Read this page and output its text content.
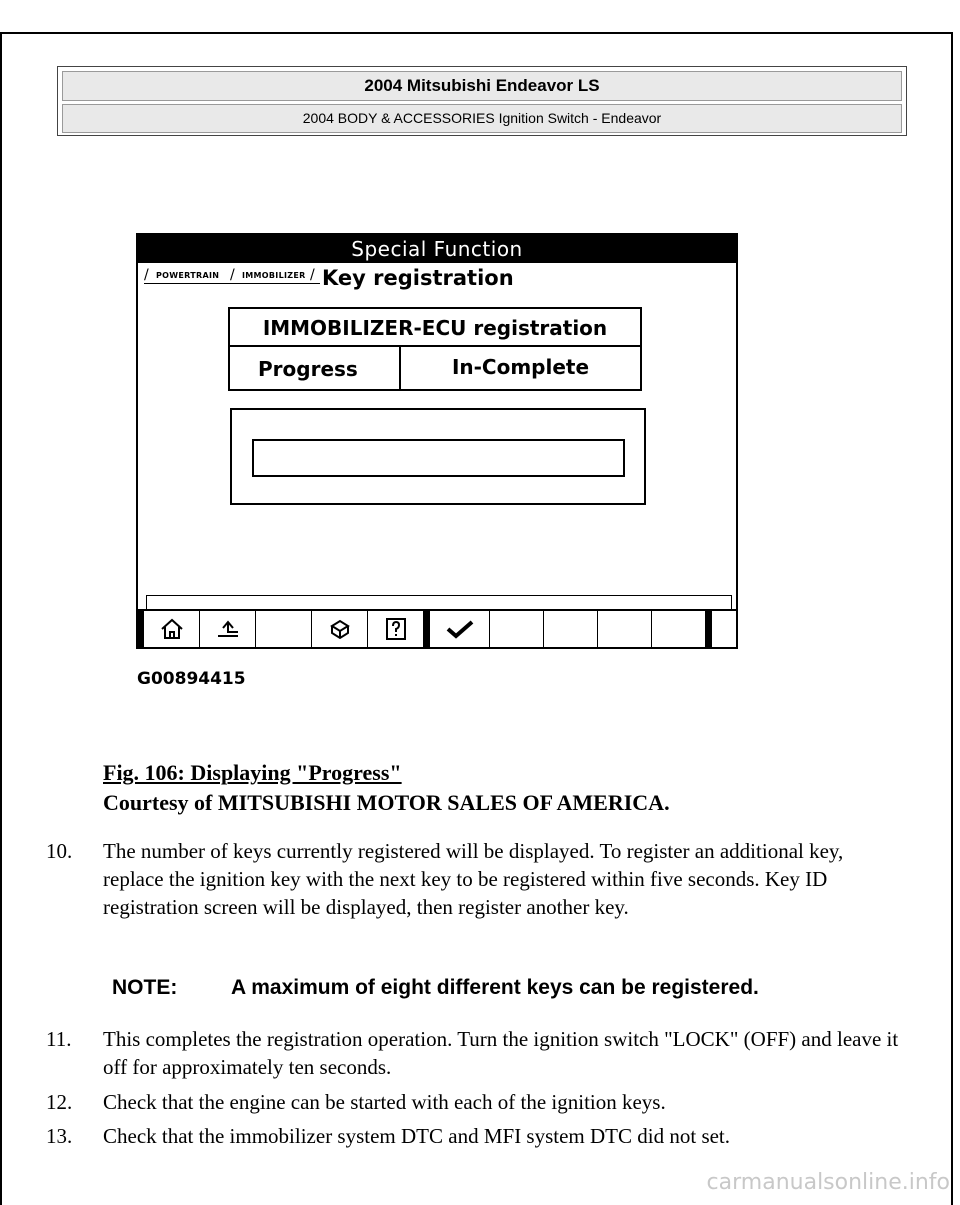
2004 Mitsubishi Endeavor LS
2004 BODY & ACCESSORIES Ignition Switch - Endeavor
Special Function
/ POWERTRAIN / IMMOBILIZER / Key registration
IMMOBILIZER-ECU registration
Progress	In-Complete
G00894415
Fig. 106: Displaying "Progress"
Courtesy of MITSUBISHI MOTOR SALES OF AMERICA.
10.	The number of keys currently registered will be displayed. To register an additional key, replace the ignition key with the next key to be registered within five seconds. Key ID registration screen will be displayed, then register another key.
NOTE:	A maximum of eight different keys can be registered.
11.	This completes the registration operation. Turn the ignition switch "LOCK" (OFF) and leave it off for approximately ten seconds.
12.	Check that the engine can be started with each of the ignition keys.
13.	Check that the immobilizer system DTC and MFI system DTC did not set.
carmanualsonline.info
